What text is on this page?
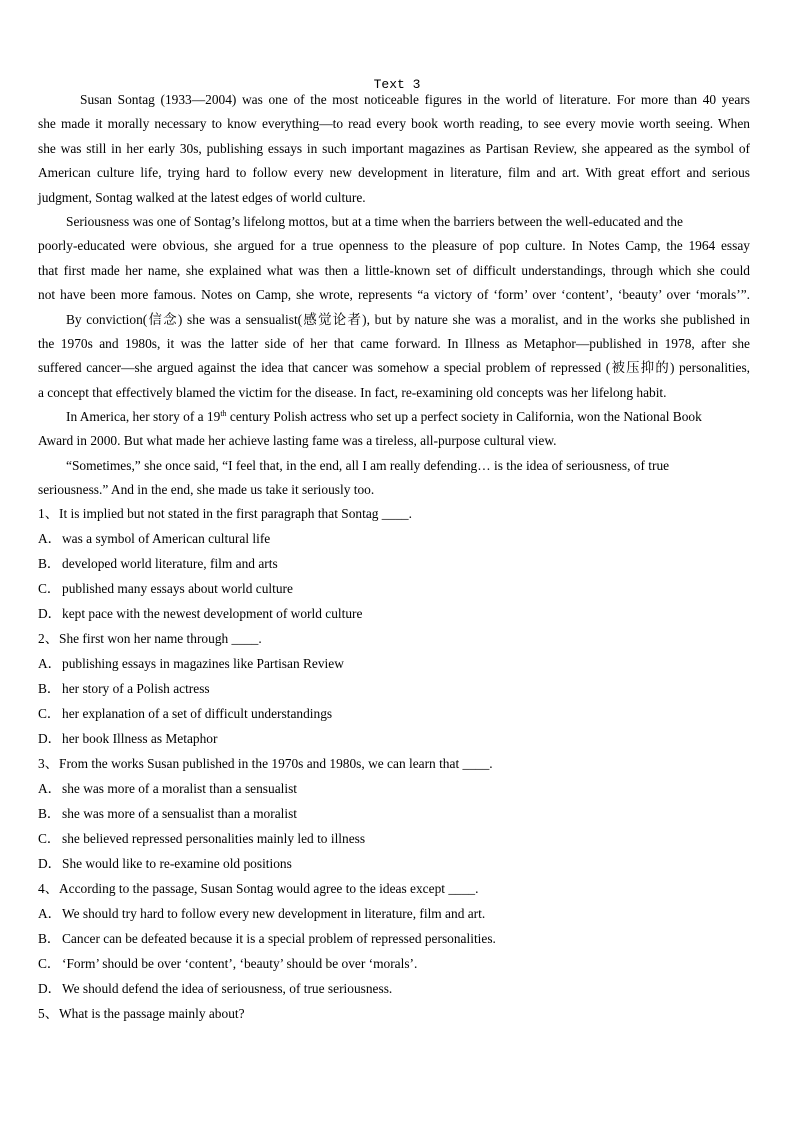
Text 3
Susan Sontag (1933—2004) was one of the most noticeable figures in the world of literature. For more than 40 years
she made it morally necessary to know everything—to read every book worth reading, to see every movie worth seeing. When
she was still in her early 30s, publishing essays in such important magazines as Partisan Review, she appeared as the symbol of
American culture life, trying hard to follow every new development in literature, film and art. With great effort and serious
judgment, Sontag walked at the latest edges of world culture.
Seriousness was one of Sontag’s lifelong mottos, but at a time when the barriers between the well-educated and the
poorly-educated were obvious, she argued for a true openness to the pleasure of pop culture. In Notes Camp, the 1964 essay
that first made her name, she explained what was then a little-known set of difficult understandings, through which she could
not have been more famous. Notes on Camp, she wrote, represents “a victory of ‘form’ over ‘content’, ‘beauty’ over ‘morals’”.
By conviction(信念) she was a sensualist(感觉论者), but by nature she was a moralist, and in the works she published in
the 1970s and 1980s, it was the latter side of her that came forward. In Illness as Metaphor—published in 1978, after she
suffered cancer—she argued against the idea that cancer was somehow a special problem of repressed (被压抑的) personalities,
a concept that effectively blamed the victim for the disease. In fact, re-examining old concepts was her lifelong habit.
In America, her story of a 19th century Polish actress who set up a perfect society in California, won the National Book
Award in 2000. But what made her achieve lasting fame was a tireless, all-purpose cultural view.
“Sometimes,” she once said, “I feel that, in the end, all I am really defending… is the idea of seriousness, of true
seriousness.” And in the end, she made us take it seriously too.
1、It is implied but not stated in the first paragraph that Sontag ____.
A．was a symbol of American cultural life
B． developed world literature, film and arts
C． published many essays about world culture
D．kept pace with the newest development of world culture
2、She first won her name through ____.
A．publishing essays in magazines like Partisan Review
B． her story of a Polish actress
C． her explanation of a set of difficult understandings
D．her book Illness as Metaphor
3、From the works Susan published in the 1970s and 1980s, we can learn that ____.
A．she was more of a moralist than a sensualist
B． she was more of a sensualist than a moralist
C． she believed repressed personalities mainly led to illness
D．She would like to re-examine old positions
4、According to the passage, Susan Sontag would agree to the ideas except ____.
A．We should try hard to follow every new development in literature, film and art.
B． Cancer can be defeated because it is a special problem of repressed personalities.
C． ‘Form’ should be over ‘content’, ‘beauty’ should be over ‘morals’.
D．We should defend the idea of seriousness, of true seriousness.
5、What is the passage mainly about?
